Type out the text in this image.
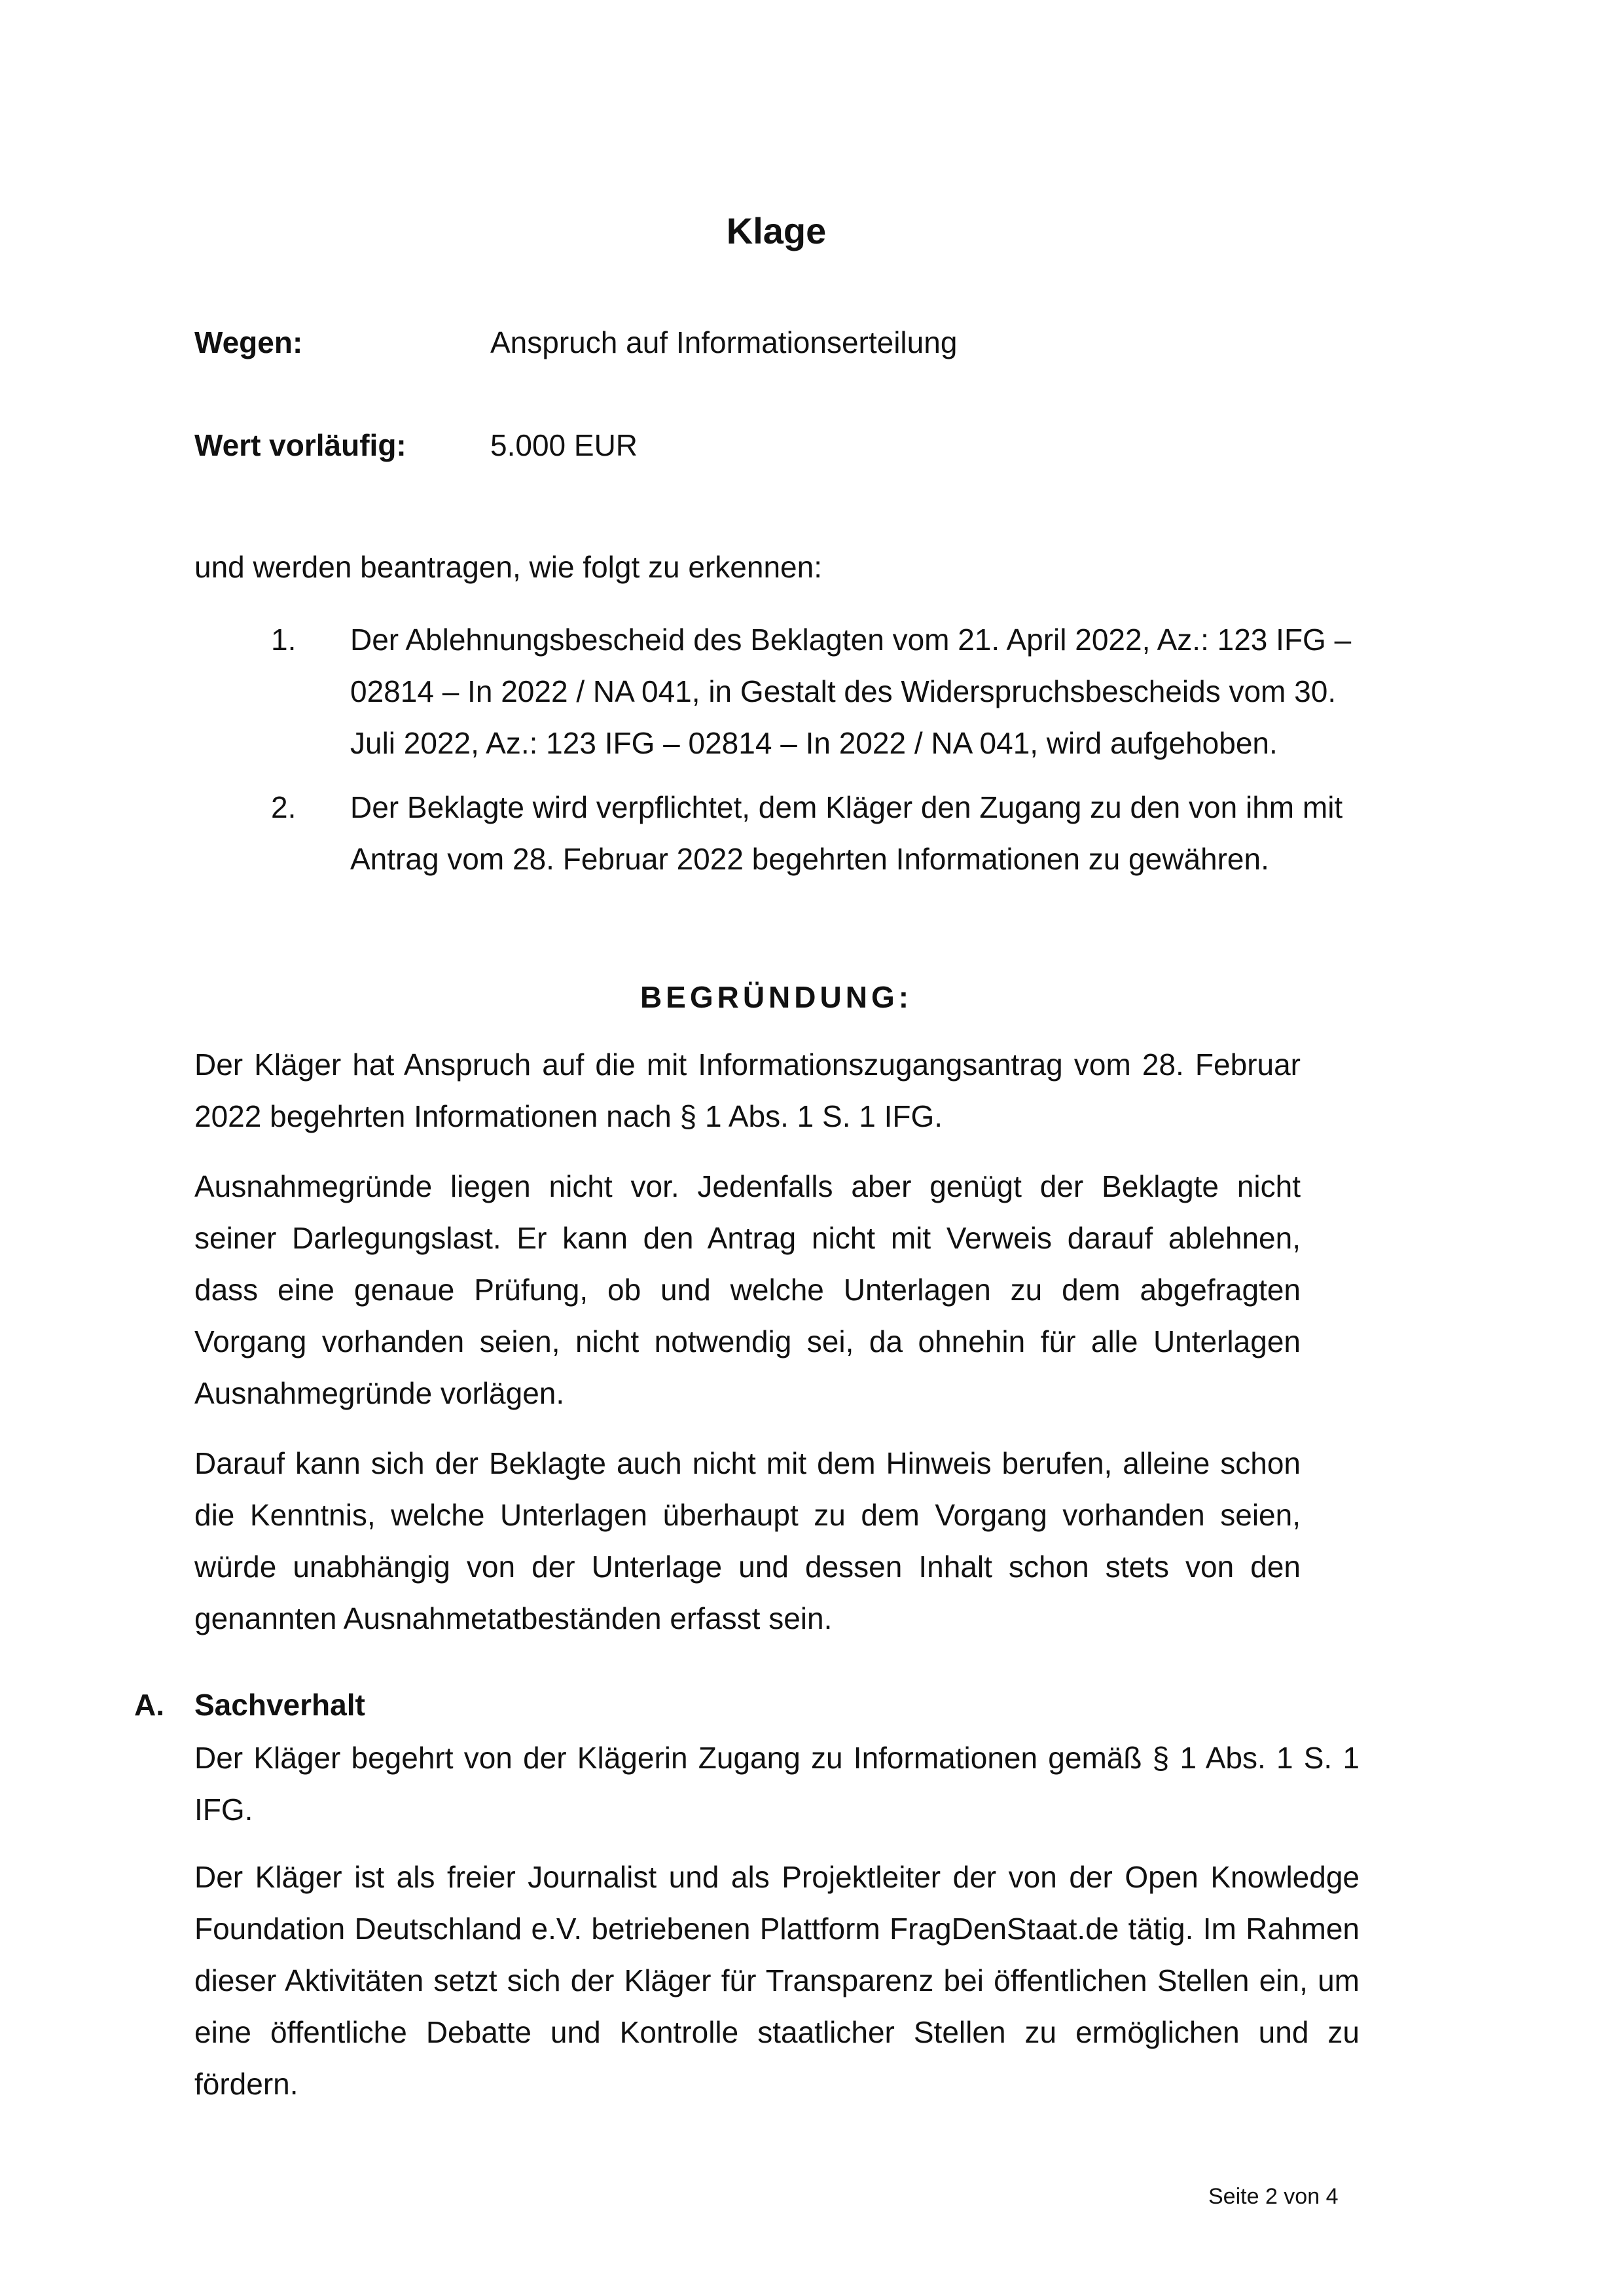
Klage
Wegen:	Anspruch auf Informationserteilung
Wert vorläufig:	5.000 EUR
und werden beantragen, wie folgt zu erkennen:
1. Der Ablehnungsbescheid des Beklagten vom 21. April 2022, Az.: 123 IFG – 02814 – In 2022 / NA 041, in Gestalt des Widerspruchsbescheids vom 30. Juli 2022, Az.: 123 IFG – 02814 – In 2022 / NA 041, wird aufgehoben.
2. Der Beklagte wird verpflichtet, dem Kläger den Zugang zu den von ihm mit Antrag vom 28. Februar 2022 begehrten Informationen zu gewähren.
BEGRÜNDUNG:
Der Kläger hat Anspruch auf die mit Informationszugangsantrag vom 28. Februar 2022 begehrten Informationen nach § 1 Abs. 1 S. 1 IFG.
Ausnahmegründe liegen nicht vor. Jedenfalls aber genügt der Beklagte nicht seiner Darlegungslast. Er kann den Antrag nicht mit Verweis darauf ablehnen, dass eine genaue Prüfung, ob und welche Unterlagen zu dem abgefragten Vorgang vorhanden seien, nicht notwendig sei, da ohnehin für alle Unterlagen Ausnahmegründe vorlägen.
Darauf kann sich der Beklagte auch nicht mit dem Hinweis berufen, alleine schon die Kenntnis, welche Unterlagen überhaupt zu dem Vorgang vorhanden seien, würde unabhängig von der Unterlage und dessen Inhalt schon stets von den genannten Ausnahmetatbeständen erfasst sein.
A. Sachverhalt
Der Kläger begehrt von der Klägerin Zugang zu Informationen gemäß § 1 Abs. 1 S. 1 IFG.
Der Kläger ist als freier Journalist und als Projektleiter der von der Open Knowledge Foundation Deutschland e.V. betriebenen Plattform FragDenStaat.de tätig. Im Rahmen dieser Aktivitäten setzt sich der Kläger für Transparenz bei öffentlichen Stellen ein, um eine öffentliche Debatte und Kontrolle staatlicher Stellen zu ermöglichen und zu fördern.
Seite 2 von 4
